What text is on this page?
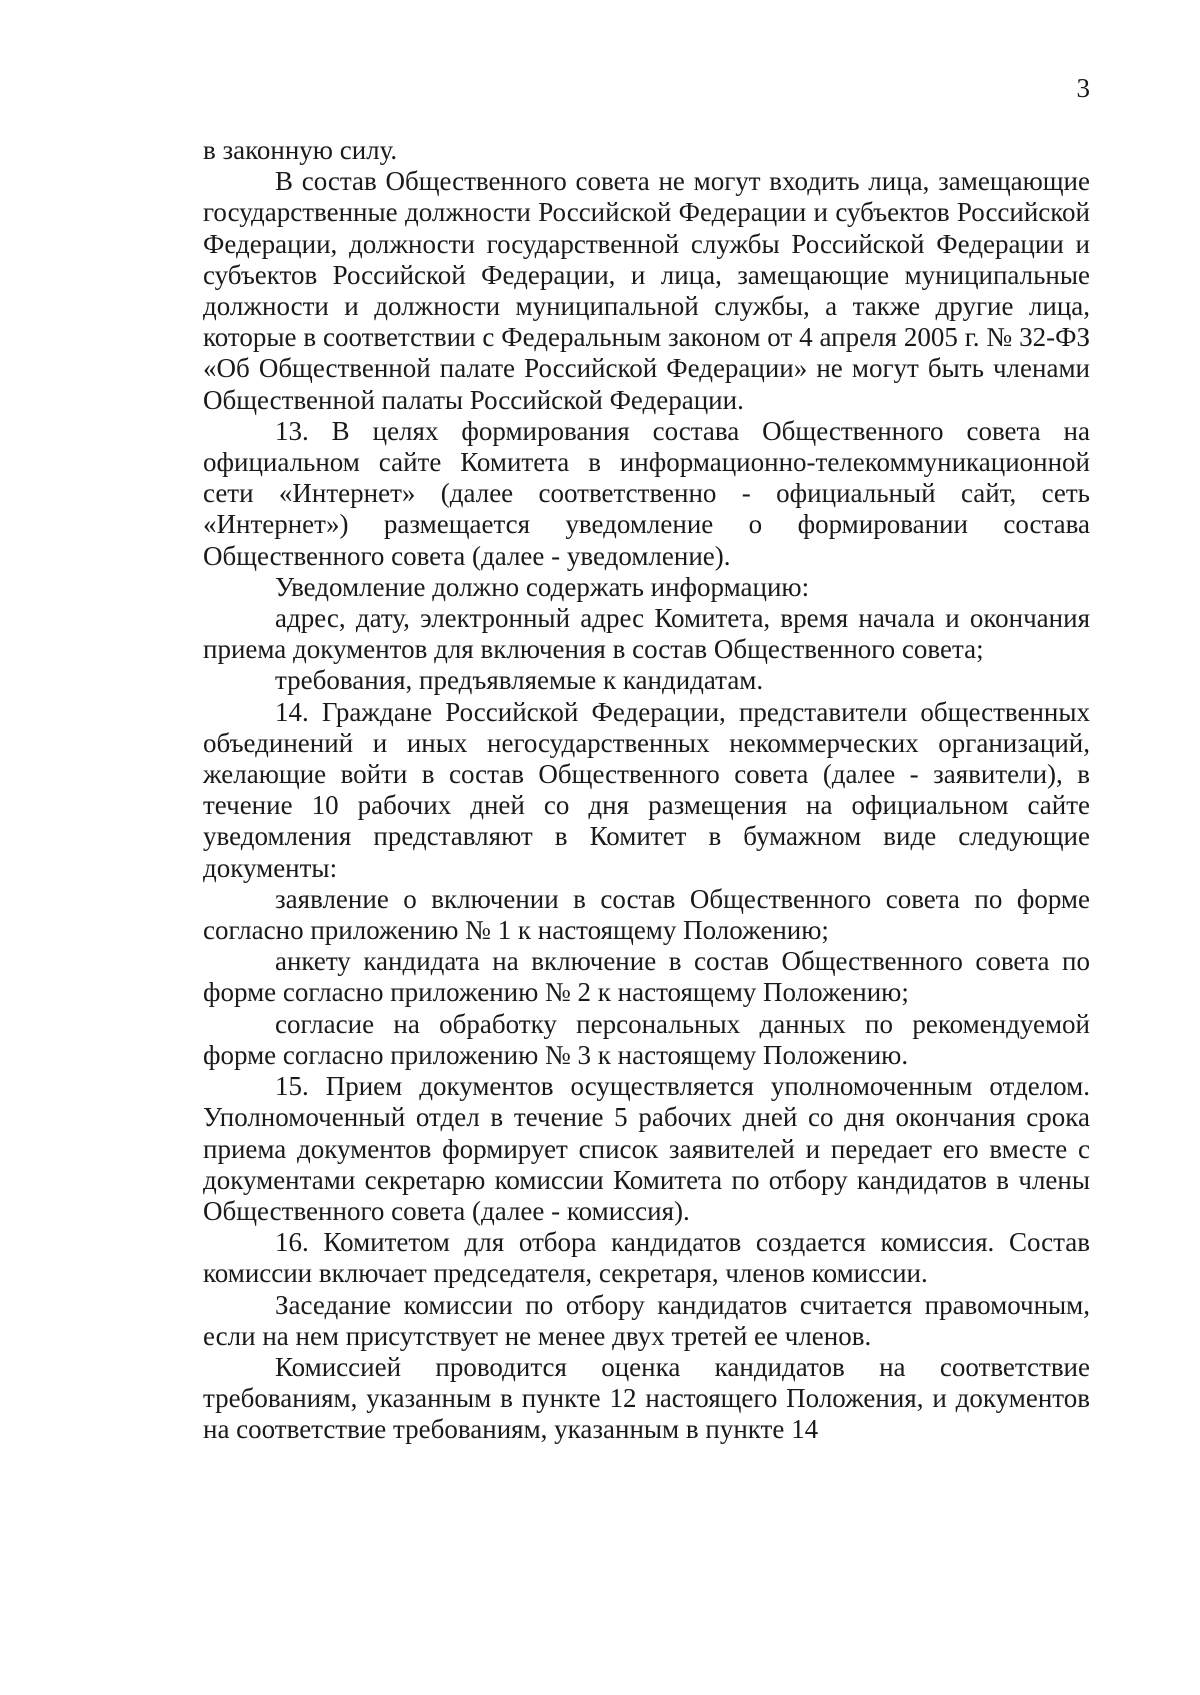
3

в законную силу.

В состав Общественного совета не могут входить лица, замещающие государственные должности Российской Федерации и субъектов Российской Федерации, должности государственной службы Российской Федерации и субъектов Российской Федерации, и лица, замещающие муниципальные должности и должности муниципальной службы, а также другие лица, которые в соответствии с Федеральным законом от 4 апреля 2005 г. № 32-ФЗ «Об Общественной палате Российской Федерации» не могут быть членами Общественной палаты Российской Федерации.

13. В целях формирования состава Общественного совета на официальном сайте Комитета в информационно-телекоммуникационной сети «Интернет» (далее соответственно - официальный сайт, сеть «Интернет») размещается уведомление о формировании состава Общественного совета (далее - уведомление).

Уведомление должно содержать информацию:

адрес, дату, электронный адрес Комитета, время начала и окончания приема документов для включения в состав Общественного совета;

требования, предъявляемые к кандидатам.

14. Граждане Российской Федерации, представители общественных объединений и иных негосударственных некоммерческих организаций, желающие войти в состав Общественного совета (далее - заявители), в течение 10 рабочих дней со дня размещения на официальном сайте уведомления представляют в Комитет в бумажном виде следующие документы:

заявление о включении в состав Общественного совета по форме согласно приложению № 1 к настоящему Положению;

анкету кандидата на включение в состав Общественного совета по форме согласно приложению № 2 к настоящему Положению;

согласие на обработку персональных данных по рекомендуемой форме согласно приложению № 3 к настоящему Положению.

15. Прием документов осуществляется уполномоченным отделом. Уполномоченный отдел в течение 5 рабочих дней со дня окончания срока приема документов формирует список заявителей и передает его вместе с документами секретарю комиссии Комитета по отбору кандидатов в члены Общественного совета (далее - комиссия).

16. Комитетом для отбора кандидатов создается комиссия. Состав комиссии включает председателя, секретаря, членов комиссии.

Заседание комиссии по отбору кандидатов считается правомочным, если на нем присутствует не менее двух третей ее членов.

Комиссией проводится оценка кандидатов на соответствие требованиям, указанным в пункте 12 настоящего Положения, и документов на соответствие требованиям, указанным в пункте 14
